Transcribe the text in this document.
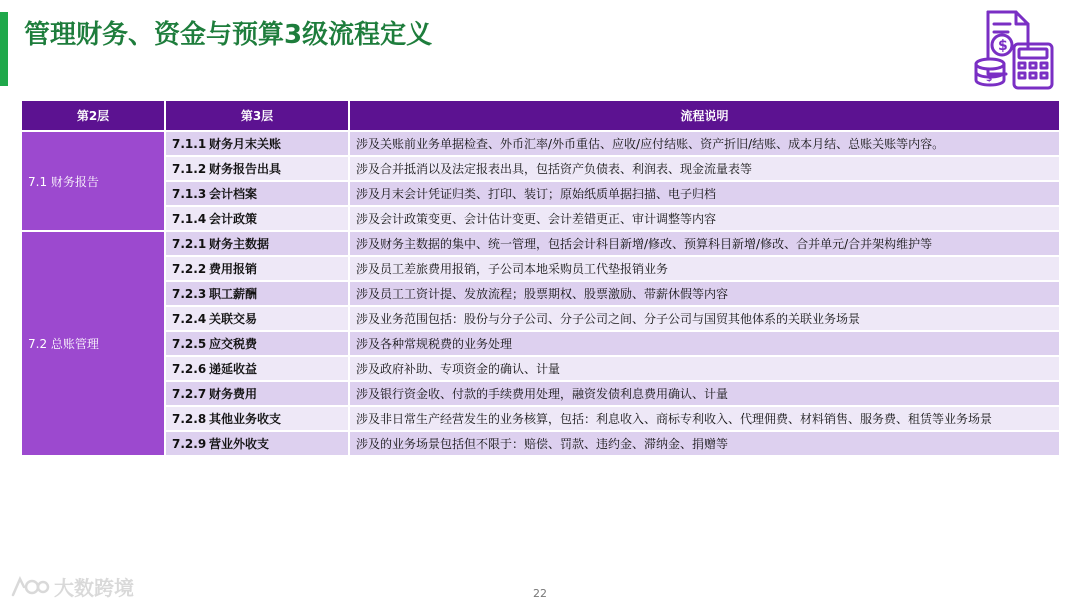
管理财务、资金与预算3级流程定义	$
$
第2层	第3层	流程说明
7.1 财务报告	7.1.1 财务月末关账	涉及关账前业务单据检查、外币汇率/外币重估、应收/应付结账、资产折旧/结账、成本月结、总账关账等内容。
	7.1.2 财务报告出具	涉及合并抵消以及法定报表出具，包括资产负债表、利润表、现金流量表等
	7.1.3 会计档案	涉及月末会计凭证归类、打印、装订；原始纸质单据扫描、电子归档
	7.1.4 会计政策	涉及会计政策变更、会计估计变更、会计差错更正、审计调整等内容
7.2 总账管理	7.2.1 财务主数据	涉及财务主数据的集中、统一管理，包括会计科目新增/修改、预算科目新增/修改、合并单元/合并架构维护等
	7.2.2 费用报销	涉及员工差旅费用报销，子公司本地采购员工代垫报销业务
	7.2.3 职工薪酬	涉及员工工资计提、发放流程；股票期权、股票激励、带薪休假等内容
	7.2.4 关联交易	涉及业务范围包括：股份与分子公司、分子公司之间、分子公司与国贸其他体系的关联业务场景
	7.2.5 应交税费	涉及各种常规税费的业务处理
	7.2.6 递延收益	涉及政府补助、专项资金的确认、计量
	7.2.7 财务费用	涉及银行资金收、付款的手续费用处理，融资发债利息费用确认、计量
	7.2.8 其他业务收支	涉及非日常生产经营发生的业务核算，包括：利息收入、商标专利收入、代理佣费、材料销售、服务费、租赁等业务场景
	7.2.9 营业外收支	涉及的业务场景包括但不限于：赔偿、罚款、违约金、滞纳金、捐赠等
大数跨境	22
